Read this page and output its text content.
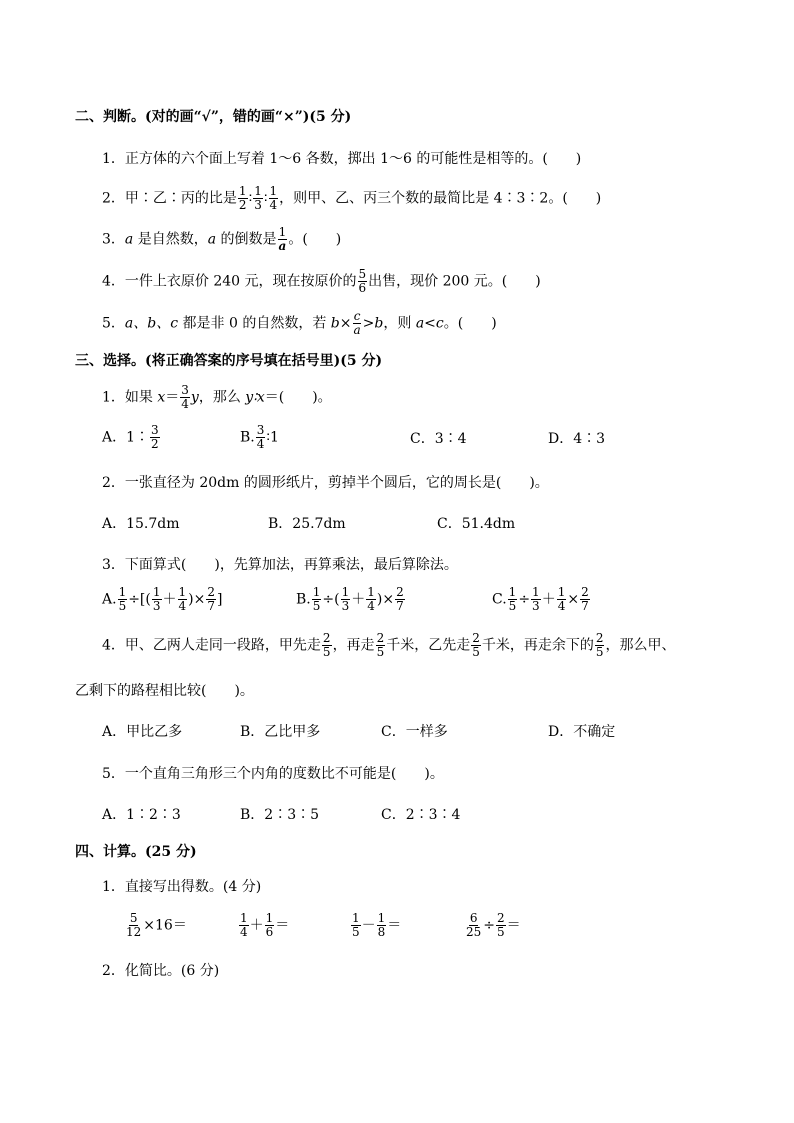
二、判断。(对的画“√”，错的画“×”)(5 分)
1．正方体的六个面上写着 1～6 各数，掷出 1～6 的可能性是相等的。(　　)
2．甲∶乙∶丙的比是 $\frac{1}{2}$ ∶ $\frac{1}{3}$ ∶ $\frac{1}{4}$ ，则甲、乙、丙三个数的最简比是 4∶3∶2。(　　)
3．a 是自然数，a 的倒数是 $\frac{1}{a}$ 。(　　)
4．一件上衣原价 240 元，现在按原价的 $\frac{5}{6}$ 出售，现价 200 元。(　　)
5．a、b、c 都是非 0 的自然数，若 $b\times \frac{c}{a} >b$，则 a<c。(　　)
三、选择。(将正确答案的序号填在括号里)(5 分)
1．如果 $x= \frac{3}{4}$ y，那么 y∶x＝(　　)。
A．1∶ $\frac{3}{2}$	B. $\frac{3}{4}$ ∶1	C．3∶4	D．4∶3
2．一张直径为 20dm 的圆形纸片，剪掉半个圆后，它的周长是(　　)。
A．15.7dm	B．25.7dm	C．51.4dm
3．下面算式(　　)，先算加法，再算乘法，最后算除法。
A. $\frac{1}{5}$ ÷[( $\frac{1}{3} + \frac{1}{4}$ )× $\frac{2}{7}$ ]	B. $\frac{1}{5}$ ÷( $\frac{1}{3} + \frac{1}{4}$ )× $\frac{2}{7}$	C. $\frac{1}{5} \div \frac{1}{3} + \frac{1}{4} \times \frac{2}{7}$
4．甲、乙两人走同一段路，甲先走 $\frac{2}{5}$ ，再走 $\frac{2}{5}$ 千米，乙先走 $\frac{2}{5}$ 千米，再走余下的 $\frac{2}{5}$ ，那么甲、
乙剩下的路程相比较(　　)。
A．甲比乙多	B．乙比甲多	C．一样多	D．不确定
5．一个直角三角形三个内角的度数比不可能是(　　)。
A．1∶2∶3	B．2∶3∶5	C．2∶3∶4
四、计算。(25 分)
1．直接写出得数。(4 分)
$\frac{5}{12} \times 16=$	$\frac{1}{4} + \frac{1}{6}$ ＝	$\frac{1}{5} - \frac{1}{8}$ ＝	$\frac{6}{25} \div \frac{2}{5}$ ＝
2．化简比。(6 分)
